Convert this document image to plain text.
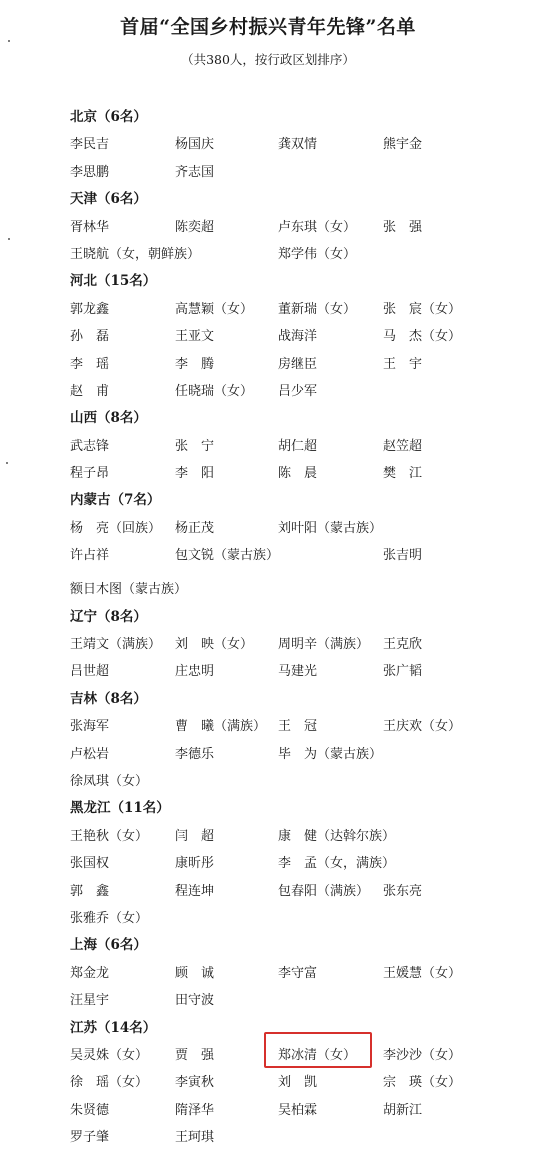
首届“全国乡村振兴青年先锋”名单
（共380人，按行政区划排序）
北京（6名）
李民吉	杨国庆	龚双情	熊宇金
李思鹏	齐志国
天津（6名）
胥林华	陈奕超	卢东琪（女） 张　强
王晓航（女，朝鲜族）	郑学伟（女）
河北（15名）
郭龙鑫	高慧颖（女） 董新瑞（女） 张　宸（女）
孙　磊	王亚文	战海洋	马　杰（女）
李　瑶	李　腾	房继臣	王　宇
赵　甫	任晓瑞（女） 吕少军
山西（8名）
武志锋	张　宁	胡仁超	赵笠超
程子昂	李　阳	陈　晨	樊　江
内蒙古（7名）
杨　亮（回族） 杨正茂	刘叶阳（蒙古族）
许占祥	包文锐（蒙古族）	张吉明
额日木图（蒙古族）
辽宁（8名）
王靖文（满族） 刘　映（女） 周明辛（满族） 王克欣
吕世超	庄忠明	马建光	张广韬
吉林（8名）
张海军	曹　曦（满族） 王　冠	王庆欢（女）
卢松岩	李德乐	毕　为（蒙古族）
徐凤琪（女）
黑龙江（11名）
王艳秋（女） 闫　超	康　健（达斡尔族）
张国权	康昕彤	李　孟（女，满族）
郭　鑫	程连坤	包春阳（满族） 张东亮
张雅乔（女）
上海（6名）
郑金龙	顾　诚	李守富	王媛慧（女）
汪星宇	田守波
江苏（14名）
吴灵姝（女） 贾　强	郑冰清（女） 李沙沙（女）
徐　瑶（女） 李寅秋	刘　凯	宗　瑛（女）
朱贤德	隋泽华	吴柏霖	胡新江
罗子肇	王珂琪
